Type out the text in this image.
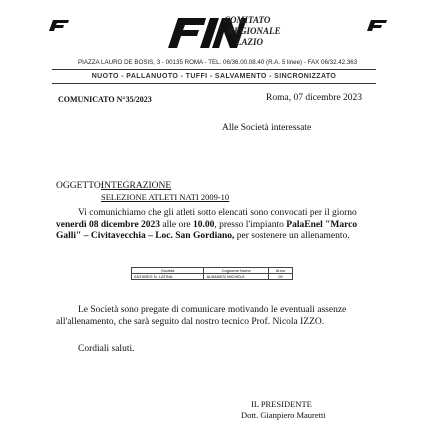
COMITATO
REGIONALE
LAZIO
PIAZZA LAURO DE BOSIS, 3 - 00135 ROMA - TEL. 06/36.00.08.40 (R.A. 5 linee) - FAX 06/32.42.363
NUOTO - PALLANUOTO - TUFFI - SALVAMENTO - SINCRONIZZATO
COMUNICATO N°35/2023	Roma, 07 dicembre 2023
Alle Società interessate
OGGETTO:
INTEGRAZIONE
SELEZIONE ATLETI NATI 2009-10
Vi comunichiamo che gli atleti sotto elencati sono convocati per il giorno
venerdì 08 dicembre 2023 alle ore 10.00, presso l'impianto PalaEnel "Marco
Galli" – Civitavecchia – Loc. San Gordiano, per sostenere un allenamento.
Società	Cognome Nome	Anno
ANTARES N. LATINA	ALBANESI MICHELE	09
Le Società sono pregate di comunicare motivando le eventuali assenze
all'allenamento, che sarà seguito dal nostro tecnico Prof. Nicola IZZO.
Cordiali saluti.
IL PRESIDENTE
Dott. Gianpiero Mauretti
